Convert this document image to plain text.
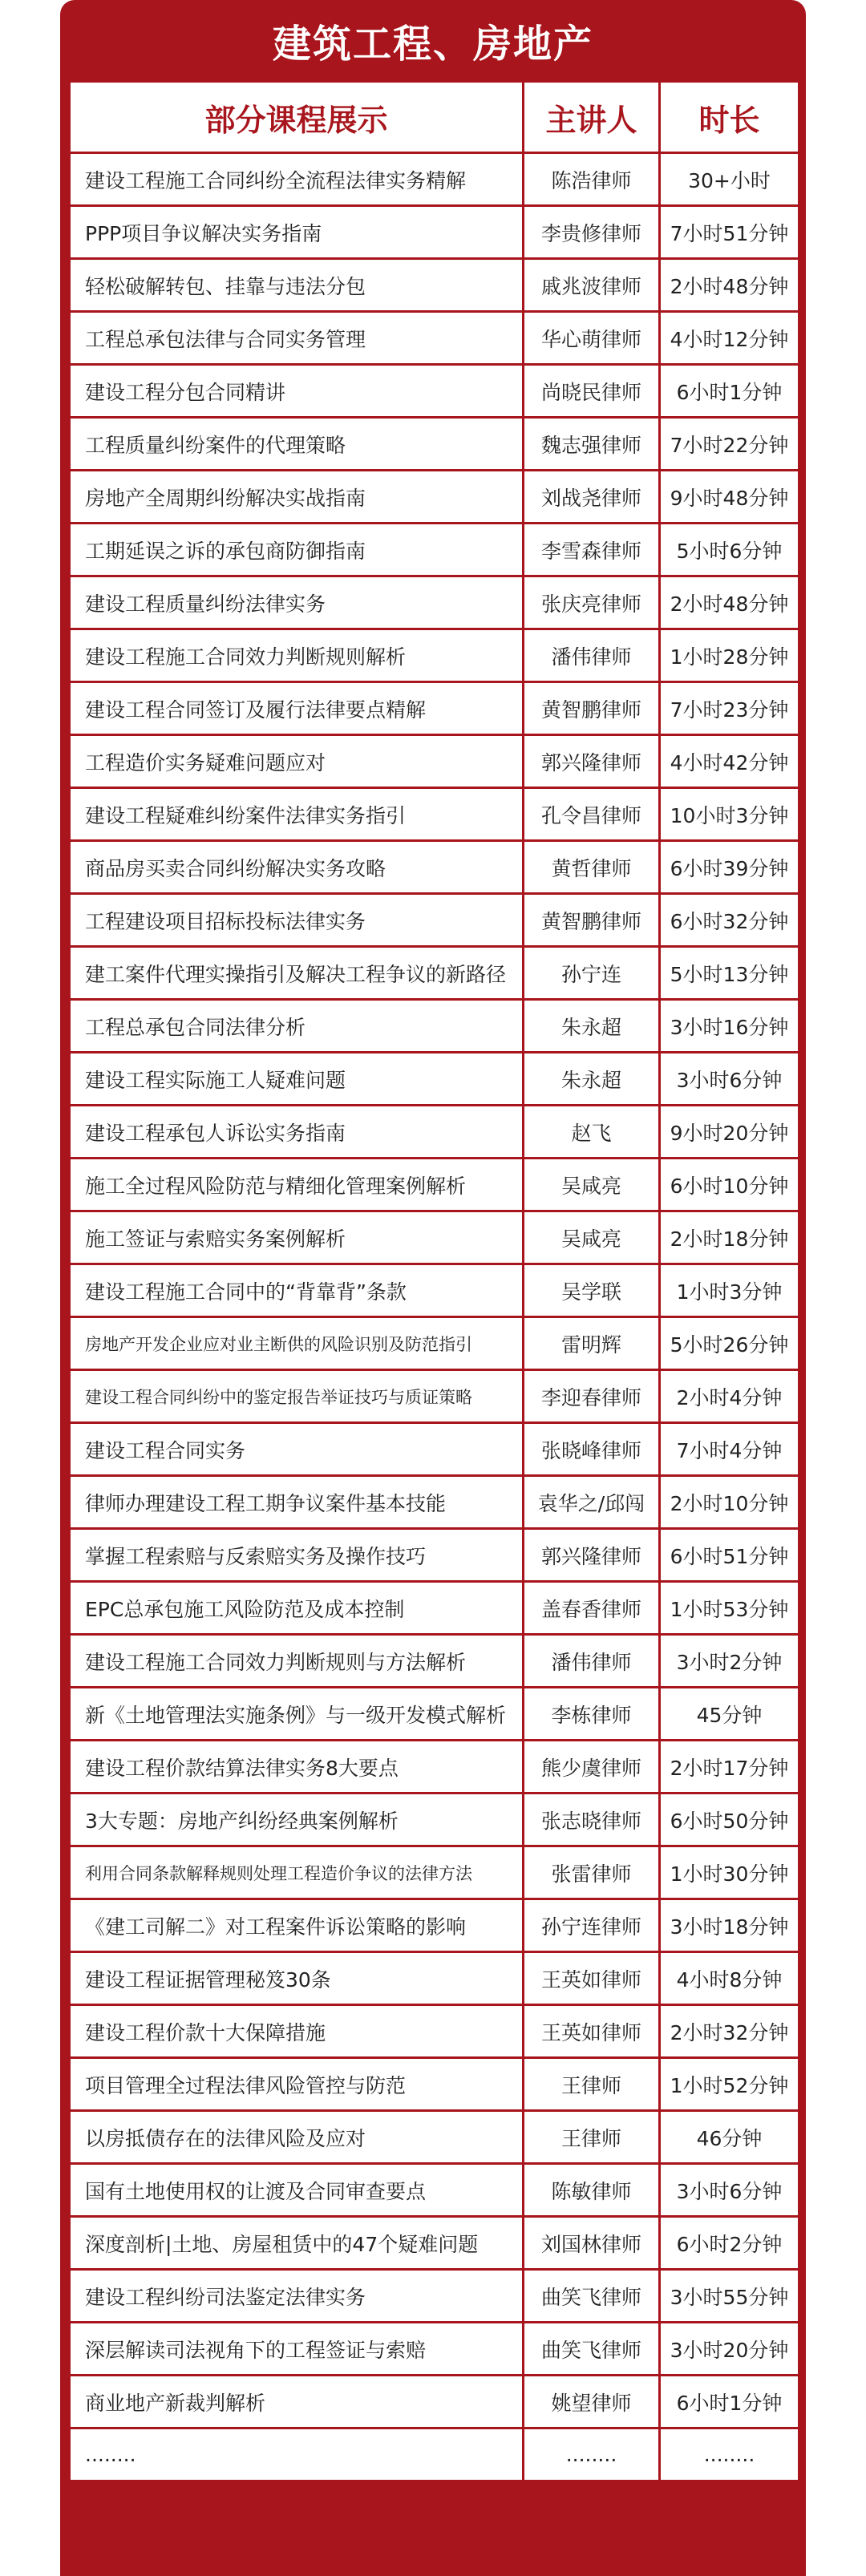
建筑工程、房地产
部分课程展示	主讲人	时长
建设工程施工合同纠纷全流程法律实务精解	陈浩律师	30+小时
PPP项目争议解决实务指南	李贵修律师	7小时51分钟
轻松破解转包、挂靠与违法分包	戚兆波律师	2小时48分钟
工程总承包法律与合同实务管理	华心萌律师	4小时12分钟
建设工程分包合同精讲	尚晓民律师	6小时1分钟
工程质量纠纷案件的代理策略	魏志强律师	7小时22分钟
房地产全周期纠纷解决实战指南	刘战尧律师	9小时48分钟
工期延误之诉的承包商防御指南	李雪森律师	5小时6分钟
建设工程质量纠纷法律实务	张庆亮律师	2小时48分钟
建设工程施工合同效力判断规则解析	潘伟律师	1小时28分钟
建设工程合同签订及履行法律要点精解	黄智鹏律师	7小时23分钟
工程造价实务疑难问题应对	郭兴隆律师	4小时42分钟
建设工程疑难纠纷案件法律实务指引	孔令昌律师	10小时3分钟
商品房买卖合同纠纷解决实务攻略	黄哲律师	6小时39分钟
工程建设项目招标投标法律实务	黄智鹏律师	6小时32分钟
建工案件代理实操指引及解决工程争议的新路径	孙宁连	5小时13分钟
工程总承包合同法律分析	朱永超	3小时16分钟
建设工程实际施工人疑难问题	朱永超	3小时6分钟
建设工程承包人诉讼实务指南	赵飞	9小时20分钟
施工全过程风险防范与精细化管理案例解析	吴咸亮	6小时10分钟
施工签证与索赔实务案例解析	吴咸亮	2小时18分钟
建设工程施工合同中的“背靠背”条款	吴学联	1小时3分钟
房地产开发企业应对业主断供的风险识别及防范指引	雷明辉	5小时26分钟
建设工程合同纠纷中的鉴定报告举证技巧与质证策略	李迎春律师	2小时4分钟
建设工程合同实务	张晓峰律师	7小时4分钟
律师办理建设工程工期争议案件基本技能	袁华之/邱闯	2小时10分钟
掌握工程索赔与反索赔实务及操作技巧	郭兴隆律师	6小时51分钟
EPC总承包施工风险防范及成本控制	盖春香律师	1小时53分钟
建设工程施工合同效力判断规则与方法解析	潘伟律师	3小时2分钟
新《土地管理法实施条例》与一级开发模式解析	李栋律师	45分钟
建设工程价款结算法律实务8大要点	熊少虞律师	2小时17分钟
3大专题：房地产纠纷经典案例解析	张志晓律师	6小时50分钟
利用合同条款解释规则处理工程造价争议的法律方法	张雷律师	1小时30分钟
《建工司解二》对工程案件诉讼策略的影响	孙宁连律师	3小时18分钟
建设工程证据管理秘笈30条	王英如律师	4小时8分钟
建设工程价款十大保障措施	王英如律师	2小时32分钟
项目管理全过程法律风险管控与防范	王律师	1小时52分钟
以房抵债存在的法律风险及应对	王律师	46分钟
国有土地使用权的让渡及合同审查要点	陈敏律师	3小时6分钟
深度剖析|土地、房屋租赁中的47个疑难问题	刘国林律师	6小时2分钟
建设工程纠纷司法鉴定法律实务	曲笑飞律师	3小时55分钟
深层解读司法视角下的工程签证与索赔	曲笑飞律师	3小时20分钟
商业地产新裁判解析	姚望律师	6小时1分钟
........	........	........
